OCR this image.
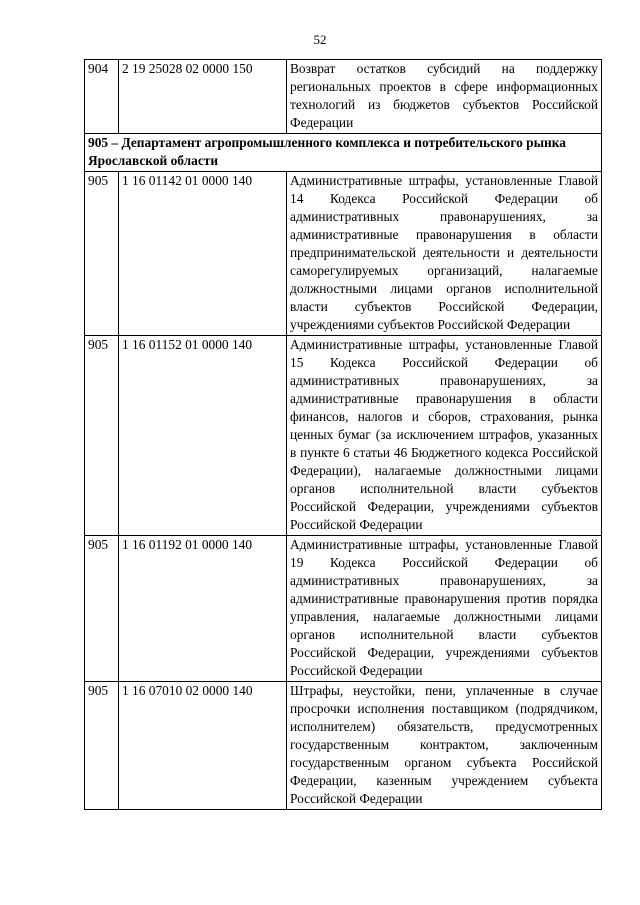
52
904	2 19 25028 02 0000 150	Возврат остатков субсидий на поддержку региональных проектов в сфере информационных технологий из бюджетов субъектов Российской Федерации
905 – Департамент агропромышленного комплекса и потребительского рынка Ярославской области		
905	1 16 01142 01 0000 140	Административные штрафы, установленные Главой 14 Кодекса Российской Федерации об административных правонарушениях, за административные правонарушения в области предпринимательской деятельности и деятельности саморегулируемых организаций, налагаемые должностными лицами органов исполнительной власти субъектов Российской Федерации, учреждениями субъектов Российской Федерации
905	1 16 01152 01 0000 140	Административные штрафы, установленные Главой 15 Кодекса Российской Федерации об административных правонарушениях, за административные правонарушения в области финансов, налогов и сборов, страхования, рынка ценных бумаг (за исключением штрафов, указанных в пункте 6 статьи 46 Бюджетного кодекса Российской Федерации), налагаемые должностными лицами органов исполнительной власти субъектов Российской Федерации, учреждениями субъектов Российской Федерации
905	1 16 01192 01 0000 140	Административные штрафы, установленные Главой 19 Кодекса Российской Федерации об административных правонарушениях, за административные правонарушения против порядка управления, налагаемые должностными лицами органов исполнительной власти субъектов Российской Федерации, учреждениями субъектов Российской Федерации
905	1 16 07010 02 0000 140	Штрафы, неустойки, пени, уплаченные в случае просрочки исполнения поставщиком (подрядчиком, исполнителем) обязательств, предусмотренных государственным контрактом, заключенным государственным органом субъекта Российской Федерации, казенным учреждением субъекта Российской Федерации
